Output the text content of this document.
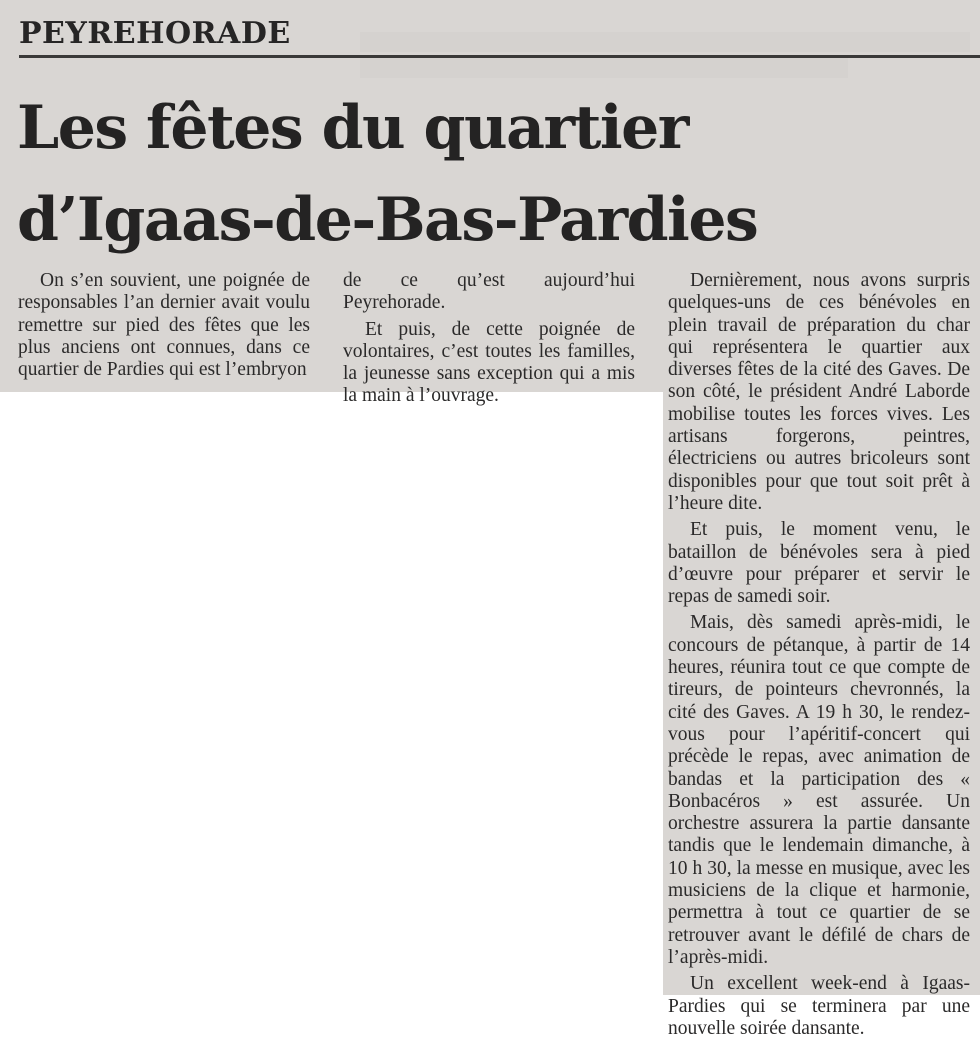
PEYREHORADE
Les fêtes du quartier
d’Igaas-de-Bas-Pardies

On s’en souvient, une poignée de responsables l’an dernier avait voulu remettre sur pied des fêtes que les plus anciens ont connues, dans ce quartier de Pardies qui est l’embryon

de ce qu’est aujourd’hui Peyrehorade.

Et puis, de cette poignée de volontaires, c’est toutes les familles, la jeunesse sans exception qui a mis la main à l’ouvrage.

Dernièrement, nous avons surpris quelques-uns de ces bénévoles en plein travail de préparation du char qui représentera le quartier aux diverses fêtes de la cité des Gaves. De son côté, le président André Laborde mobilise toutes les forces vives. Les artisans forgerons, peintres, électriciens ou autres bricoleurs sont disponibles pour que tout soit prêt à l’heure dite.

Et puis, le moment venu, le bataillon de bénévoles sera à pied d’œuvre pour préparer et servir le repas de samedi soir.

Mais, dès samedi après-midi, le concours de pétanque, à partir de 14 heures, réunira tout ce que compte de tireurs, de pointeurs chevronnés, la cité des Gaves. A 19 h 30, le rendez-vous pour l’apéritif-concert qui précède le repas, avec animation de bandas et la participation des « Bonbacéros » est assurée. Un orchestre assurera la partie dansante tandis que le lendemain dimanche, à 10 h 30, la messe en musique, avec les musiciens de la clique et harmonie, permettra à tout ce quartier de se retrouver avant le défilé de chars de l’après-midi.

Un excellent week-end à Igaas-Pardies qui se terminera par une nouvelle soirée dansante.
